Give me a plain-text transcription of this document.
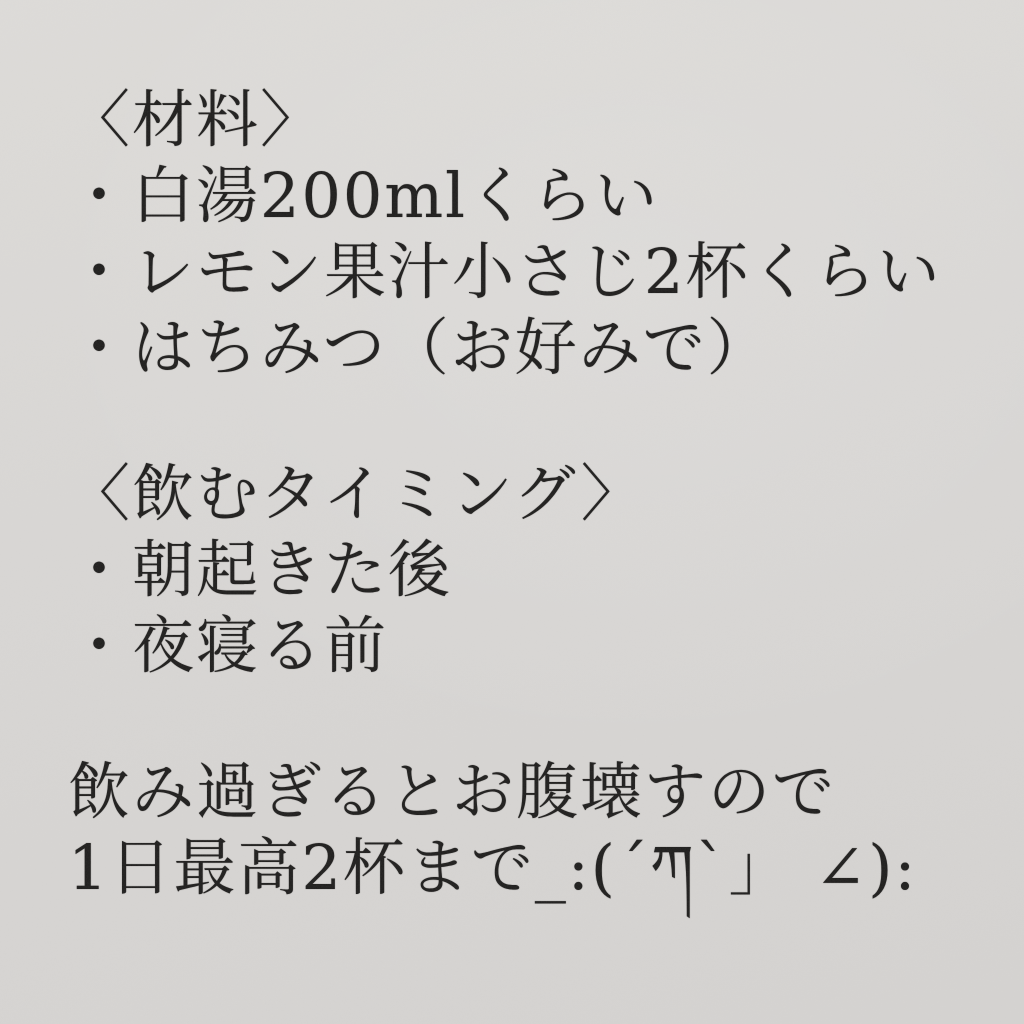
〈材料〉
・白湯200mlくらい
・レモン果汁小さじ2杯くらい
・はちみつ（お好みで）
〈飲むタイミング〉
・朝起きた後
・夜寝る前
飲み過ぎるとお腹壊すので
1日最高2杯まで_:(´ཀ`」 ∠):
